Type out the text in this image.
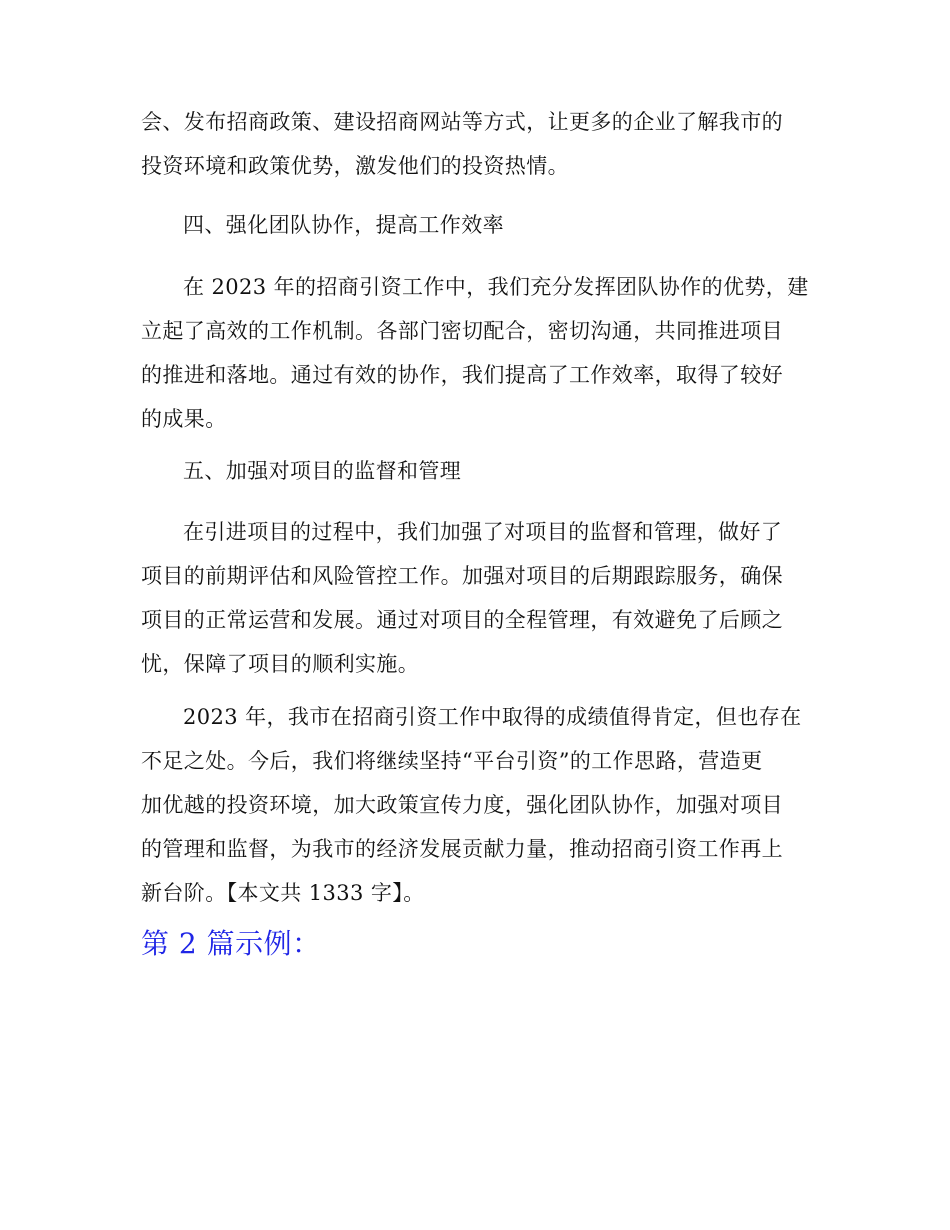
会、发布招商政策、建设招商网站等方式，让更多的企业了解我市的
投资环境和政策优势，激发他们的投资热情。
四、强化团队协作，提高工作效率
在 2023 年的招商引资工作中，我们充分发挥团队协作的优势，建
立起了高效的工作机制。各部门密切配合，密切沟通，共同推进项目
的推进和落地。通过有效的协作，我们提高了工作效率，取得了较好
的成果。
五、加强对项目的监督和管理
在引进项目的过程中，我们加强了对项目的监督和管理，做好了
项目的前期评估和风险管控工作。加强对项目的后期跟踪服务，确保
项目的正常运营和发展。通过对项目的全程管理，有效避免了后顾之
忧，保障了项目的顺利实施。
2023 年，我市在招商引资工作中取得的成绩值得肯定，但也存在
不足之处。今后，我们将继续坚持“平台引资”的工作思路，营造更
加优越的投资环境，加大政策宣传力度，强化团队协作，加强对项目
的管理和监督，为我市的经济发展贡献力量，推动招商引资工作再上
新台阶。【本文共 1333 字】。
第 2 篇示例：
